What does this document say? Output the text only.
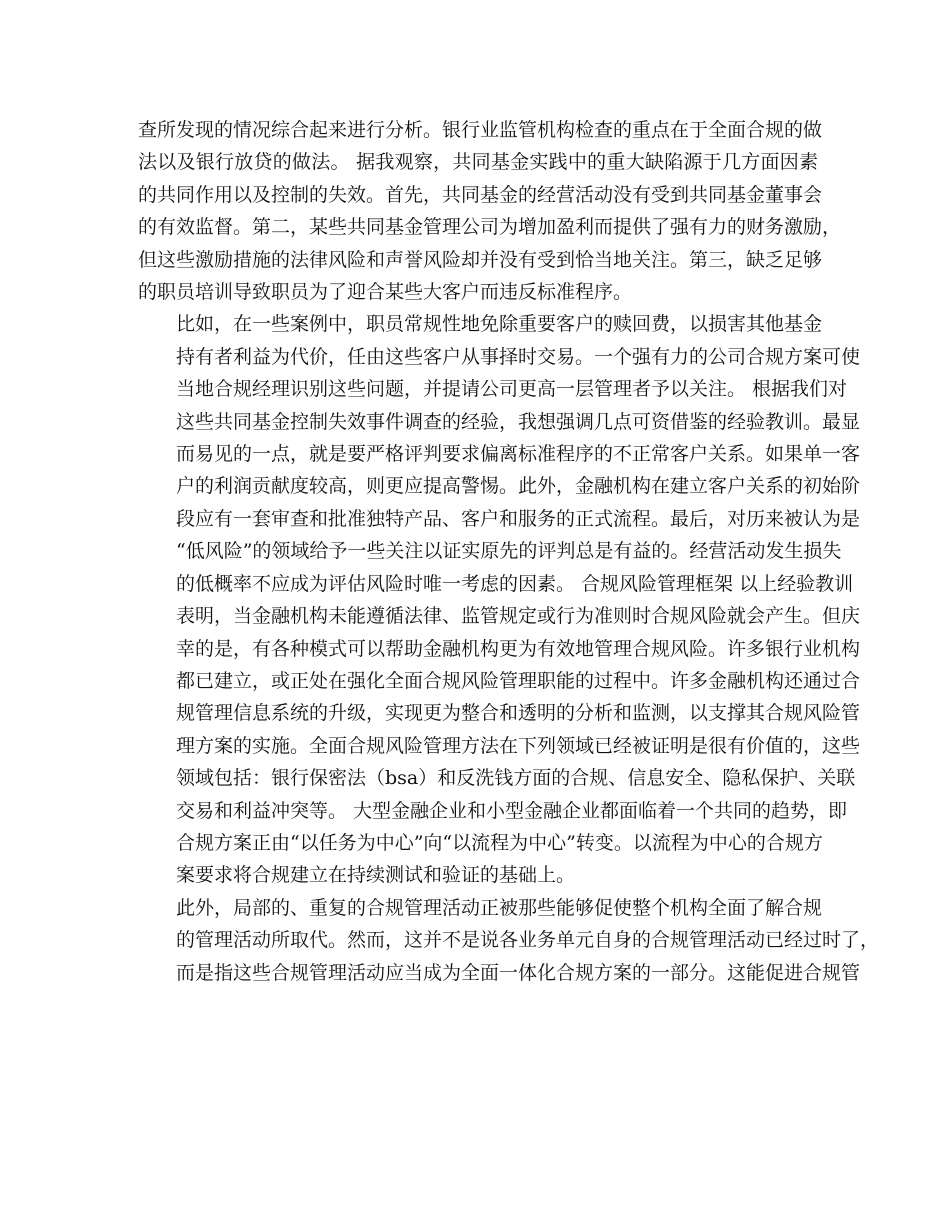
查所发现的情况综合起来进行分析。银行业监管机构检查的重点在于全面合规的做
法以及银行放贷的做法。 据我观察，共同基金实践中的重大缺陷源于几方面因素
的共同作用以及控制的失效。首先，共同基金的经营活动没有受到共同基金董事会
的有效监督。第二，某些共同基金管理公司为增加盈利而提供了强有力的财务激励，
但这些激励措施的法律风险和声誉风险却并没有受到恰当地关注。第三，缺乏足够
的职员培训导致职员为了迎合某些大客户而违反标准程序。
比如，在一些案例中，职员常规性地免除重要客户的赎回费，以损害其他基金
持有者利益为代价，任由这些客户从事择时交易。一个强有力的公司合规方案可使
当地合规经理识别这些问题，并提请公司更高一层管理者予以关注。 根据我们对
这些共同基金控制失效事件调查的经验，我想强调几点可资借鉴的经验教训。最显
而易见的一点，就是要严格评判要求偏离标准程序的不正常客户关系。如果单一客
户的利润贡献度较高，则更应提高警惕。此外，金融机构在建立客户关系的初始阶
段应有一套审查和批准独特产品、客户和服务的正式流程。最后，对历来被认为是
“低风险”的领域给予一些关注以证实原先的评判总是有益的。经营活动发生损失
的低概率不应成为评估风险时唯一考虑的因素。 合规风险管理框架 以上经验教训
表明，当金融机构未能遵循法律、监管规定或行为准则时合规风险就会产生。但庆
幸的是，有各种模式可以帮助金融机构更为有效地管理合规风险。许多银行业机构
都已建立，或正处在强化全面合规风险管理职能的过程中。许多金融机构还通过合
规管理信息系统的升级，实现更为整合和透明的分析和监测，以支撑其合规风险管
理方案的实施。全面合规风险管理方法在下列领域已经被证明是很有价值的，这些
领域包括：银行保密法（bsa）和反洗钱方面的合规、信息安全、隐私保护、关联
交易和利益冲突等。 大型金融企业和小型金融企业都面临着一个共同的趋势，即
合规方案正由“以任务为中心”向“以流程为中心”转变。以流程为中心的合规方
案要求将合规建立在持续测试和验证的基础上。
此外，局部的、重复的合规管理活动正被那些能够促使整个机构全面了解合规
的管理活动所取代。然而，这并不是说各业务单元自身的合规管理活动已经过时了，
而是指这些合规管理活动应当成为全面一体化合规方案的一部分。这能促进合规管
